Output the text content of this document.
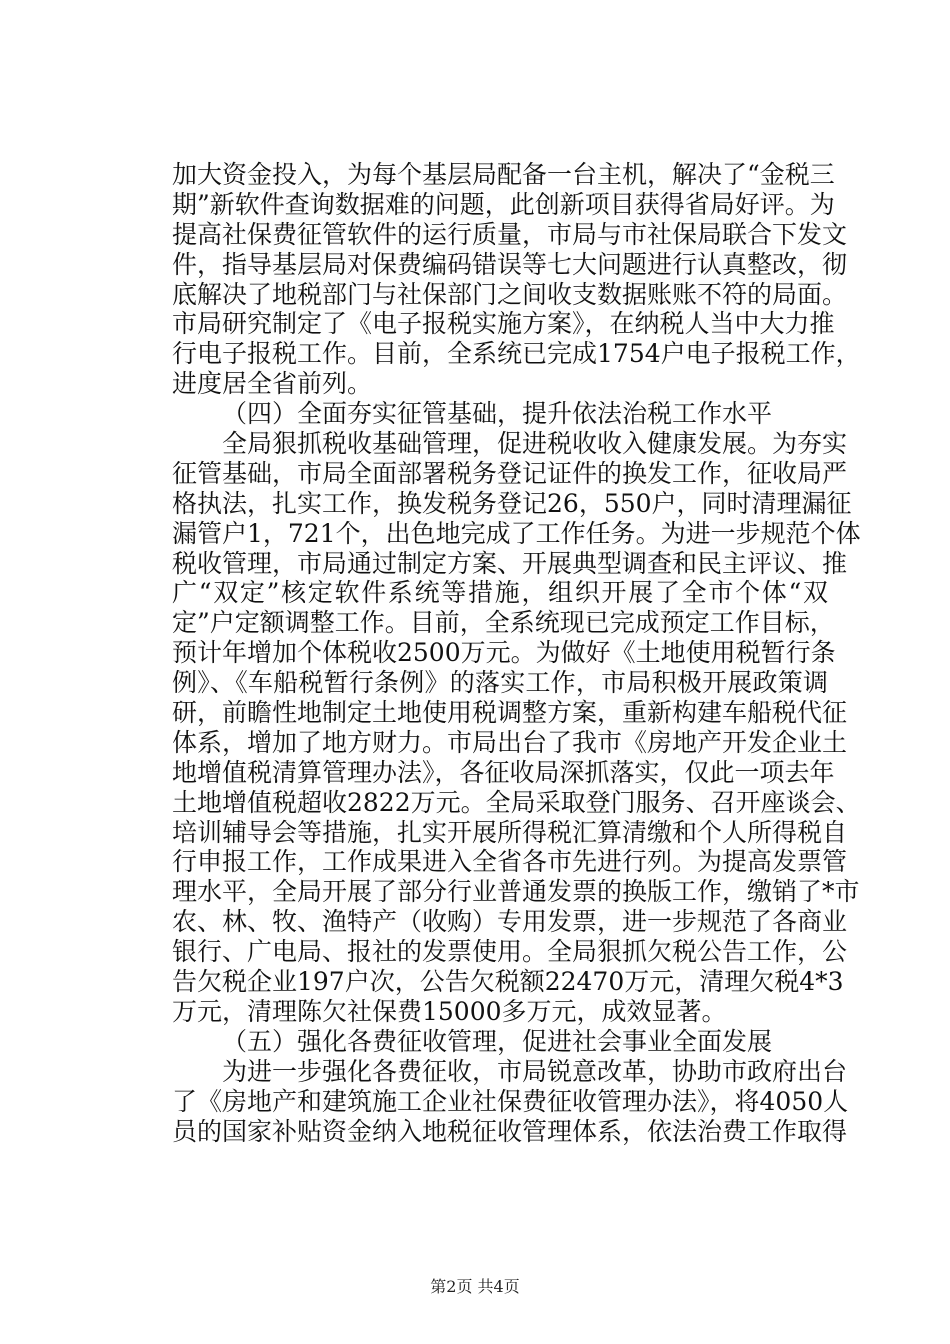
加大资金投入，为每个基层局配备一台主机，解决了“金税三
期”新软件查询数据难的问题，此创新项目获得省局好评。为
提高社保费征管软件的运行质量，市局与市社保局联合下发文
件，指导基层局对保费编码错误等七大问题进行认真整改，彻
底解决了地税部门与社保部门之间收支数据账账不符的局面。
市局研究制定了《电子报税实施方案》，在纳税人当中大力推
行电子报税工作。目前，全系统已完成1754户电子报税工作，
进度居全省前列。
（四）全面夯实征管基础，提升依法治税工作水平
全局狠抓税收基础管理，促进税收收入健康发展。为夯实
征管基础，市局全面部署税务登记证件的换发工作，征收局严
格执法，扎实工作，换发税务登记26，550户，同时清理漏征
漏管户1，721个，出色地完成了工作任务。为进一步规范个体
税收管理，市局通过制定方案、开展典型调查和民主评议、推
广“双定”核定软件系统等措施，组织开展了全市个体“双
定”户定额调整工作。目前，全系统现已完成预定工作目标，
预计年增加个体税收2500万元。为做好《土地使用税暂行条
例》、《车船税暂行条例》的落实工作，市局积极开展政策调
研，前瞻性地制定土地使用税调整方案，重新构建车船税代征
体系，增加了地方财力。市局出台了我市《房地产开发企业土
地增值税清算管理办法》，各征收局深抓落实，仅此一项去年
土地增值税超收2822万元。全局采取登门服务、召开座谈会、
培训辅导会等措施，扎实开展所得税汇算清缴和个人所得税自
行申报工作，工作成果进入全省各市先进行列。为提高发票管
理水平，全局开展了部分行业普通发票的换版工作，缴销了*市
农、林、牧、渔特产（收购）专用发票，进一步规范了各商业
银行、广电局、报社的发票使用。全局狠抓欠税公告工作，公
告欠税企业197户次，公告欠税额22470万元，清理欠税4*3
万元，清理陈欠社保费15000多万元，成效显著。
（五）强化各费征收管理，促进社会事业全面发展
为进一步强化各费征收，市局锐意改革，协助市政府出台
了《房地产和建筑施工企业社保费征收管理办法》，将4050人
员的国家补贴资金纳入地税征收管理体系，依法治费工作取得
第2页 共4页
